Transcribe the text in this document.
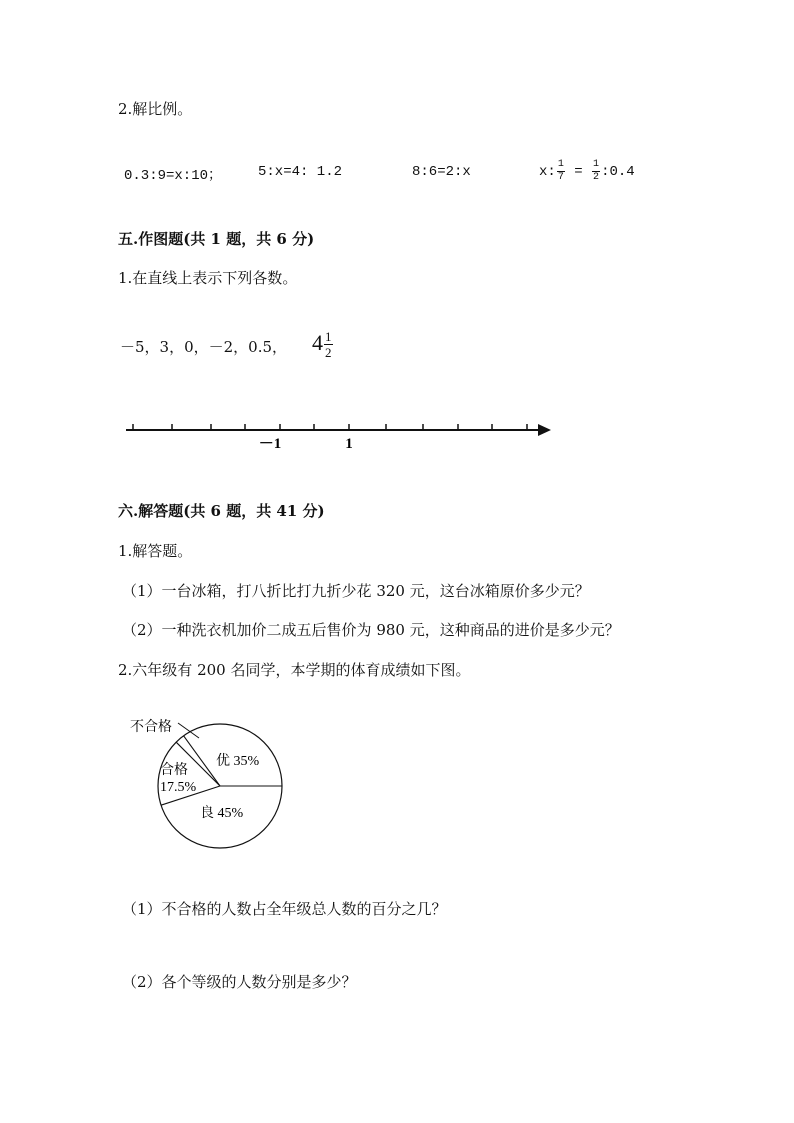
2.解比例。
0.3:9=x:10；	5:x=4: 1.2	8:6=2:x	x: $\frac{1}{7} = \frac{1}{2}$ :0.4
五.作图题(共 1 题，共 6 分)
1.在直线上表示下列各数。
－5，3，0，－2，0.5， $4 \frac{1}{2}$
－1	1
六.解答题(共 6 题，共 41 分)
1.解答题。
（1）一台冰箱，打八折比打九折少花 320 元，这台冰箱原价多少元？
（2）一种洗衣机加价二成五后售价为 980 元，这种商品的进价是多少元？
2.六年级有 200 名同学，本学期的体育成绩如下图。
不合格
优 35%
合格
17.5%
良 45%
（1）不合格的人数占全年级总人数的百分之几？
（2）各个等级的人数分别是多少？
